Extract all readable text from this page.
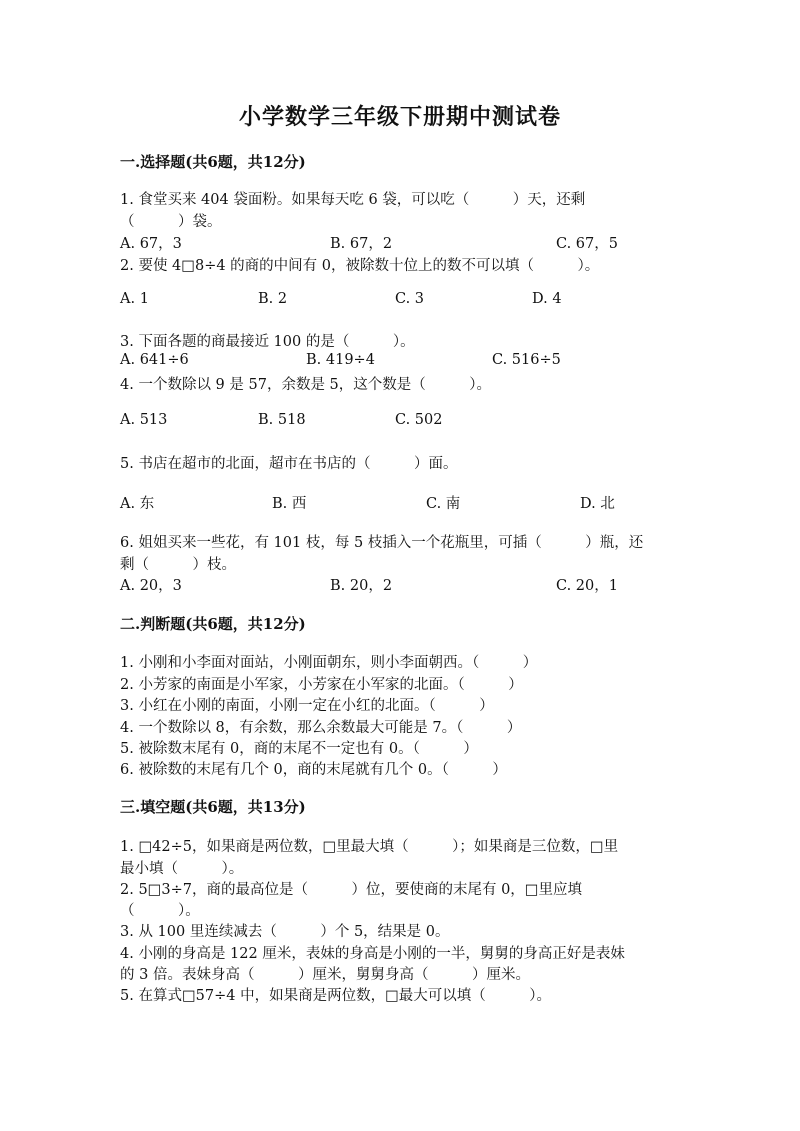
小学数学三年级下册期中测试卷
一.选择题(共6题，共12分)
1. 食堂买来 404 袋面粉。如果每天吃 6 袋，可以吃（　　　）天，还剩
（　　　）袋。
A. 67，3	B. 67，2	C. 67，5
2. 要使 4□8÷4 的商的中间有 0，被除数十位上的数不可以填（　　　）。
A. 1	B. 2	C. 3	D. 4
3. 下面各题的商最接近 100 的是（　　　）。
A. 641÷6	B. 419÷4	C. 516÷5
4. 一个数除以 9 是 57，余数是 5，这个数是（　　　）。
A. 513	B. 518	C. 502
5. 书店在超市的北面，超市在书店的（　　　）面。
A. 东	B. 西	C. 南	D. 北
6. 姐姐买来一些花，有 101 枝，每 5 枝插入一个花瓶里，可插（　　　）瓶，还
剩（　　　）枝。
A. 20，3	B. 20，2	C. 20，1
二.判断题(共6题，共12分)
1. 小刚和小李面对面站，小刚面朝东，则小李面朝西。（　　　）
2. 小芳家的南面是小军家，小芳家在小军家的北面。（　　　）
3. 小红在小刚的南面，小刚一定在小红的北面。（　　　）
4. 一个数除以 8，有余数，那么余数最大可能是 7。（　　　）
5. 被除数末尾有 0，商的末尾不一定也有 0。（　　　）
6. 被除数的末尾有几个 0，商的末尾就有几个 0。（　　　）
三.填空题(共6题，共13分)
1. □42÷5，如果商是两位数，□里最大填（　　　）；如果商是三位数，□里
最小填（　　　）。
2. 5□3÷7，商的最高位是（　　　）位，要使商的末尾有 0，□里应填
（　　　）。
3. 从 100 里连续减去（　　　）个 5，结果是 0。
4. 小刚的身高是 122 厘米，表妹的身高是小刚的一半，舅舅的身高正好是表妹
的 3 倍。表妹身高（　　　）厘米，舅舅身高（　　　）厘米。
5. 在算式□57÷4 中，如果商是两位数，□最大可以填（　　　）。
